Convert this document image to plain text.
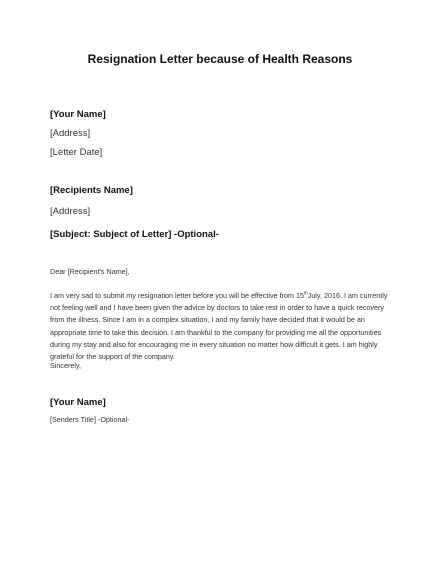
Resignation Letter because of Health Reasons
[Your Name]
[Address]
[Letter Date]
[Recipients Name]
[Address]
[Subject: Subject of Letter] -Optional-
Dear [Recipient's Name],
I am very sad to submit my resignation letter before you will be effective from 15thJuly, 2016. I am currently not feeling well and I have been given the advice by doctors to take rest in order to have a quick recovery from the illness. Since I am in a complex situation, I and my family have decided that it would be an appropriate time to take this decision. I am thankful to the company for providing me all the opportunities during my stay and also for encouraging me in every situation no matter how difficult it gets. I am highly grateful for the support of the company.
Sincerely,
[Your Name]
[Senders Title] -Optional-
